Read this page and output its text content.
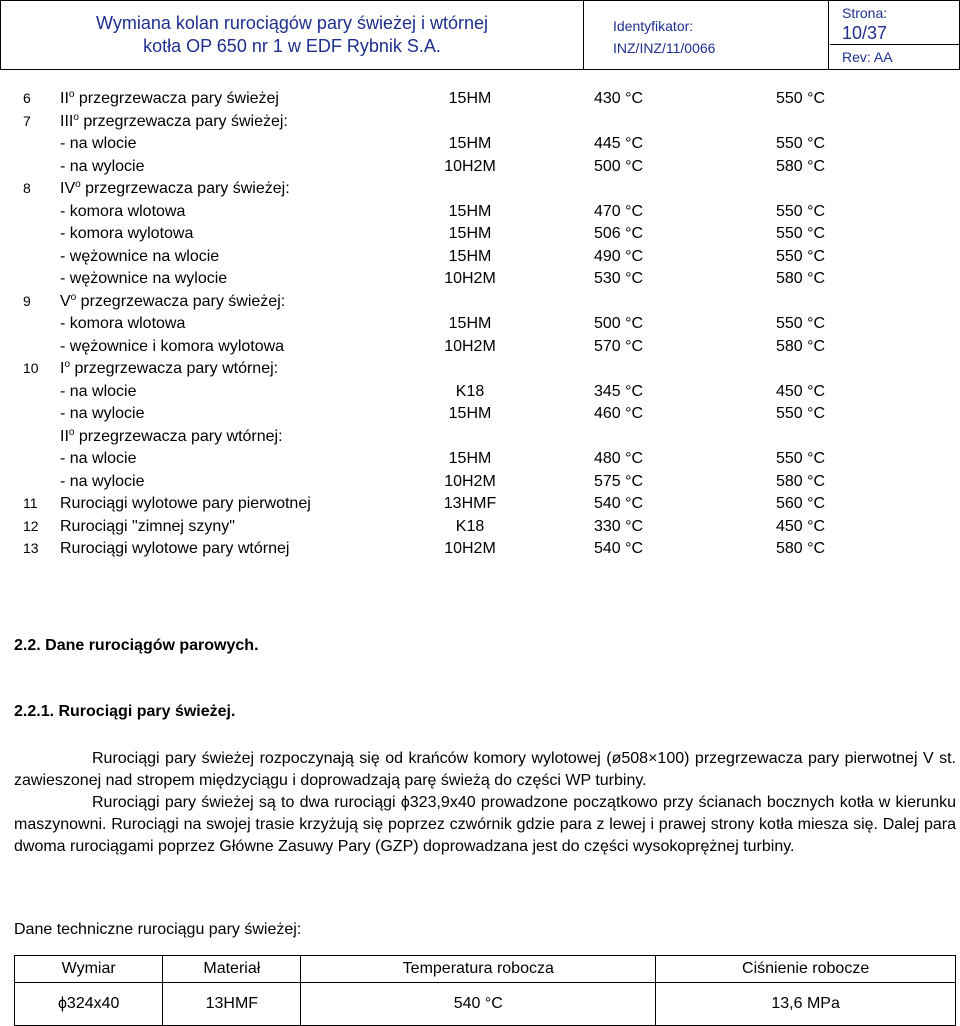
Wymiana kolan rurociągów pary świeżej i wtórnej
kotła OP 650 nr 1 w EDF Rybnik S.A.
Identyfikator:
INZ/INZ/11/0066
Strona:
10/37
Rev: AA
6 $II^o$ przegrzewacza pary świeżej	15HM	430 °C	550 °C
7 III$^o$ przegrzewacza pary świeżej:
- na wlocie	15HM	445 °C	550 °C
- na wylocie	10H2M	500 °C	580 °C
8 $IV^o$ przegrzewacza pary świeżej:
- komora wlotowa	15HM	470 °C	550 °C
- komora wylotowa	15HM	506 °C	550 °C
- wężownice na wlocie	15HM	490 °C	550 °C
- wężownice na wylocie	10H2M	530 °C	580 °C
9 $V^o$ przegrzewacza pary świeżej:
- komora wlotowa	15HM	500 °C	550 °C
- wężownice i komora wylotowa	10H2M	570 °C	580 °C
10 $I^o$ przegrzewacza pary wtórnej:
- na wlocie	K18	345 °C	450 °C
- na wylocie	15HM	460 °C	550 °C
$II^o$ przegrzewacza pary wtórnej:
- na wlocie	15HM	480 °C	550 °C
- na wylocie	10H2M	575 °C	580 °C
11 Rurociągi wylotowe pary pierwotnej	13HMF	540 °C	560 °C
12 Rurociągi "zimnej szyny"	K18	330 °C	450 °C
13 Rurociągi wylotowe pary wtórnej	10H2M	540 °C	580 °C
2.2. Dane rurociągów parowych.
2.2.1. Rurociągi pary świeżej.
Rurociągi pary świeżej rozpoczynają się od krańców komory wylotowej (ø508×100) przegrzewacza pary pierwotnej V st. zawieszonej nad stropem międzyciągu i doprowadzają parę świeżą do części WP turbiny.
Rurociągi pary świeżej są to dwa rurociągi ϕ323,9x40 prowadzone początkowo przy ścianach bocznych kotła w kierunku maszynowni. Rurociągi na swojej trasie krzyżują się poprzez czwórnik gdzie para z lewej i prawej strony kotła miesza się. Dalej para dwoma rurociągami poprzez Główne Zasuwy Pary (GZP) doprowadzana jest do części wysokoprężnej turbiny.
Dane techniczne rurociągu pary świeżej:
Wymiar	Materiał	Temperatura robocza	Ciśnienie robocze
ϕ324x40	13HMF	540 °C	13,6 MPa
